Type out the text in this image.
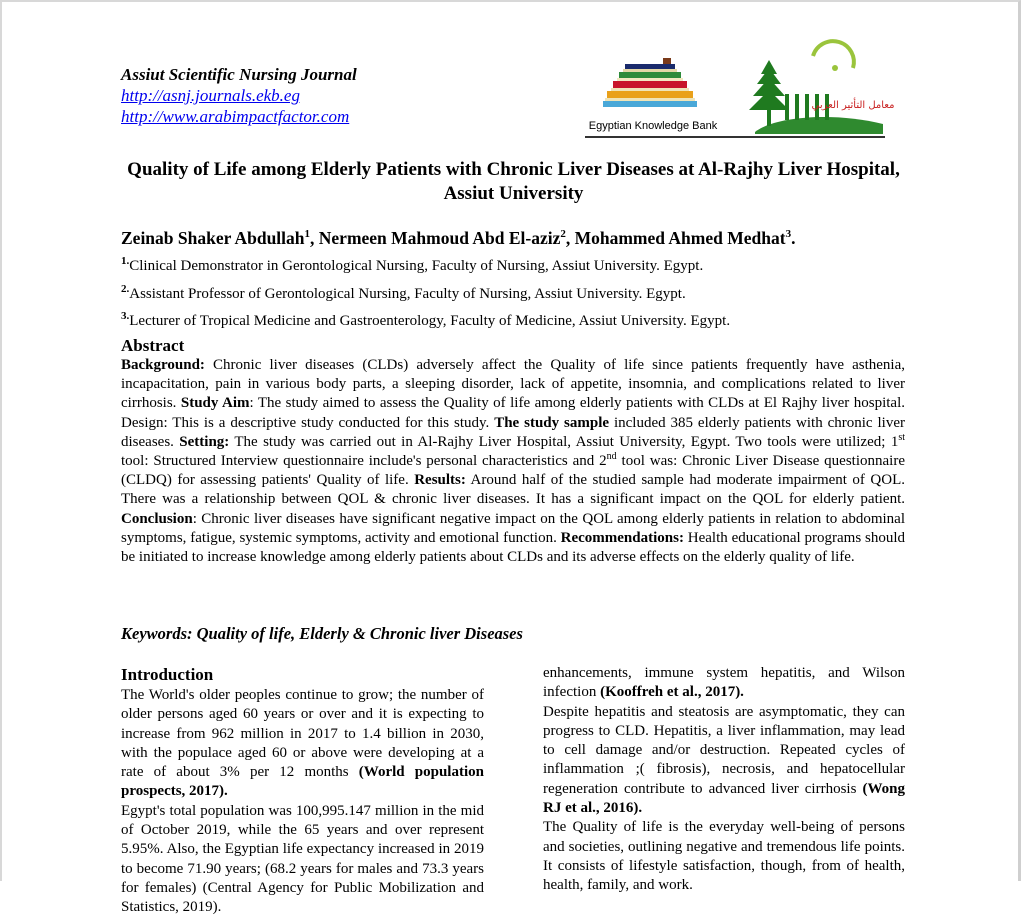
Assiut Scientific Nursing Journal
http://asnj.journals.ekb.eg
http://www.arabimpactfactor.com	Egyptian Knowledge Bank
معامل التأثير العربي
Quality of Life among Elderly Patients with Chronic Liver Diseases at Al-Rajhy Liver Hospital, Assiut University
Zeinab Shaker Abdullah$^1$, Nermeen Mahmoud Abd El-aziz$^2$, Mohammed Ahmed Medhat$^3$.
$^{1.}$Clinical Demonstrator in Gerontological Nursing, Faculty of Nursing, Assiut University. Egypt.
$^{2.}$Assistant Professor of Gerontological Nursing, Faculty of Nursing, Assiut University. Egypt.
$^{3.}$Lecturer of Tropical Medicine and Gastroenterology, Faculty of Medicine, Assiut University. Egypt.
Abstract

Background: Chronic liver diseases (CLDs) adversely affect the Quality of life since patients frequently have asthenia, incapacitation, pain in various body parts, a sleeping disorder, lack of appetite, insomnia, and complications related to liver cirrhosis. Study Aim: The study aimed to assess the Quality of life among elderly patients with CLDs at El Rajhy liver hospital. Design: This is a descriptive study conducted for this study. The study sample included 385 elderly patients with chronic liver diseases. Setting: The study was carried out in Al-Rajhy Liver Hospital, Assiut University, Egypt. Two tools were utilized; 1st tool: Structured Interview questionnaire include's personal characteristics and 2nd tool was: Chronic Liver Disease questionnaire (CLDQ) for assessing patients' Quality of life. Results: Around half of the studied sample had moderate impairment of QOL. There was a relationship between QOL & chronic liver diseases. It has a significant impact on the QOL for elderly patient. Conclusion: Chronic liver diseases have significant negative impact on the QOL among elderly patients in relation to abdominal symptoms, fatigue, systemic symptoms, activity and emotional function. Recommendations: Health educational programs should be initiated to increase knowledge among elderly patients about CLDs and its adverse effects on the elderly quality of life.

Keywords: Quality of life, Elderly & Chronic liver Diseases
Introduction

The World's older peoples continue to grow; the number of older persons aged 60 years or over and it is expecting to increase from 962 million in 2017 to 1.4 billion in 2030, with the populace aged 60 or above were developing at a rate of about 3% per 12 months (World population prospects, 2017).

Egypt's total population was 100,995.147 million in the mid of October 2019, while the 65 years and over represent 5.95%. Also, the Egyptian life expectancy increased in 2019 to become 71.90 years; (68.2 years for males and 73.3 years for females) (Central Agency for Public Mobilization and Statistics, 2019).

enhancements, immune system hepatitis, and Wilson infection (Kooffreh et al., 2017).

Despite hepatitis and steatosis are asymptomatic, they can progress to CLD. Hepatitis, a liver inflammation, may lead to cell damage and/or destruction. Repeated cycles of inflammation ;( fibrosis), necrosis, and hepatocellular regeneration contribute to advanced liver cirrhosis (Wong RJ et al., 2016).

The Quality of life is the everyday well-being of persons and societies, outlining negative and tremendous life points. It consists of lifestyle satisfaction, though, from of health, health, family, and work.
